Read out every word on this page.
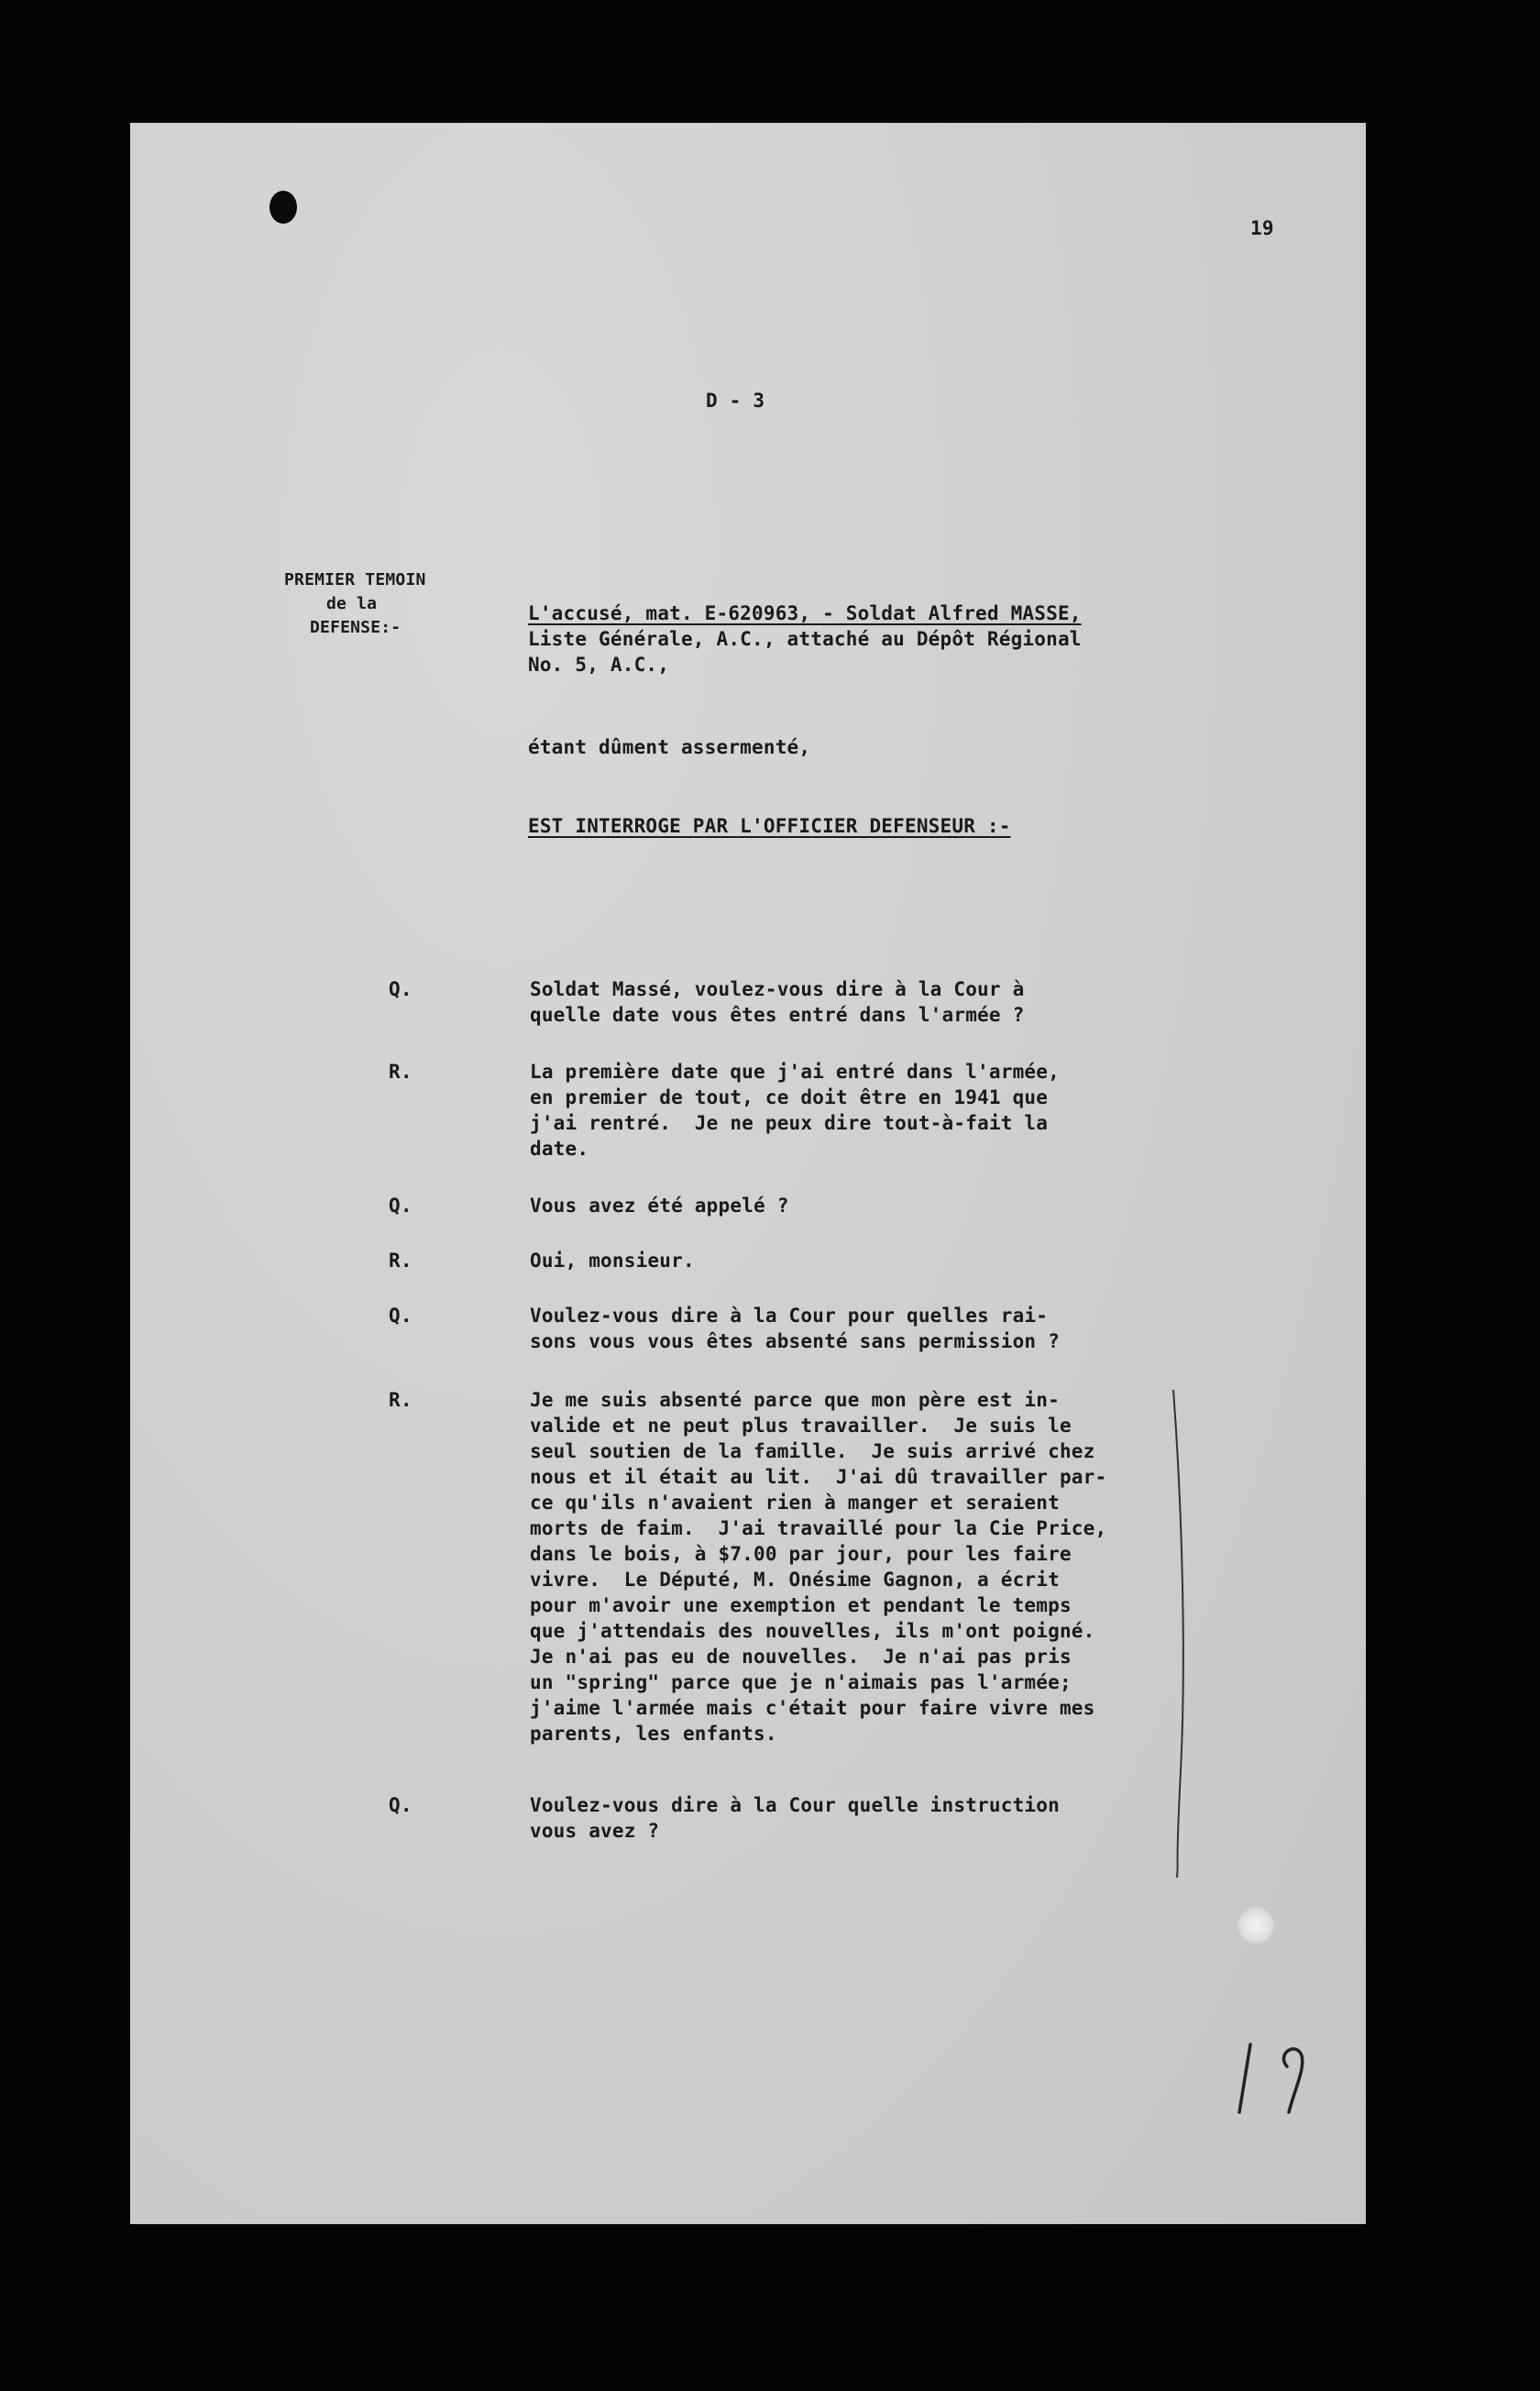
19
D - 3
PREMIER TEMOIN
de la
DEFENSE:-
L'accusé, mat. E-620963, - Soldat Alfred MASSE,
Liste Générale, A.C., attaché au Dépôt Régional
No. 5, A.C.,
étant dûment assermenté,
EST INTERROGE PAR L'OFFICIER DEFENSEUR :-
Q.	Soldat Massé, voulez-vous dire à la Cour à
quelle date vous êtes entré dans l'armée ?
R.	La première date que j'ai entré dans l'armée,
en premier de tout, ce doit être en 1941 que
j'ai rentré.  Je ne peux dire tout-à-fait la
date.
Q.	Vous avez été appelé ?
R.	Oui, monsieur.
Q.	Voulez-vous dire à la Cour pour quelles rai-
sons vous vous êtes absenté sans permission ?
R.	Je me suis absenté parce que mon père est in-
valide et ne peut plus travailler.  Je suis le
seul soutien de la famille.  Je suis arrivé chez
nous et il était au lit.  J'ai dû travailler par-
ce qu'ils n'avaient rien à manger et seraient
morts de faim.  J'ai travaillé pour la Cie Price,
dans le bois, à $7.00 par jour, pour les faire
vivre.  Le Député, M. Onésime Gagnon, a écrit
pour m'avoir une exemption et pendant le temps
que j'attendais des nouvelles, ils m'ont poigné.
Je n'ai pas eu de nouvelles.  Je n'ai pas pris
un "spring" parce que je n'aimais pas l'armée;
j'aime l'armée mais c'était pour faire vivre mes
parents, les enfants.
Q.	Voulez-vous dire à la Cour quelle instruction
vous avez ?
